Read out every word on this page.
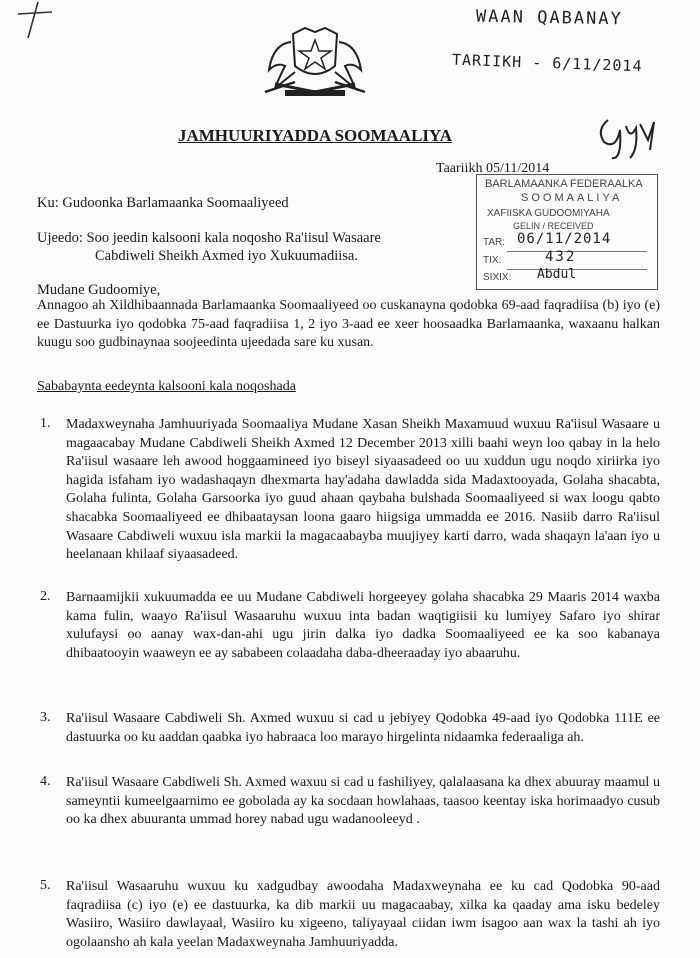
WAAN QABANAY
TARIIKH - 6/11/2014
JAMHUURIYADDA SOOMAALIYA
Taariikh 05/11/2014
BARLAMAANKA FEDERAALKA
SOOMAALIYA
XAFIISKA GUDOOMIYAHA
GELIN / RECEIVED
TAR: 06/11/2014
TIX:	432
SIXIX: Abdul
Ku: Gudoonka Barlamaanka Soomaaliyeed
Ujeedo: Soo jeedin kalsooni kala noqosho Ra'iisul Wasaare
Cabdiweli Sheikh Axmed iyo Xukuumadiisa.
Mudane Gudoomiye,
Annagoo ah Xildhibaannada Barlamaanka Soomaaliyeed oo cuskanayna qodobka 69-aad faqradiisa (b) iyo (e) ee Dastuurka iyo qodobka 75-aad faqradiisa 1, 2 iyo 3-aad ee xeer hoosaadka Barlamaanka, waxaanu halkan kuugu soo gudbinaynaa soojeedinta ujeedada sare ku xusan.
Sababaynta eedeynta kalsooni kala noqoshada
1. Madaxweynaha Jamhuuriyada Soomaaliya Mudane Xasan Sheikh Maxamuud wuxuu Ra'iisul Wasaare u magaacabay Mudane Cabdiweli Sheikh Axmed 12 December 2013 xilli baahi weyn loo qabay in la helo Ra'iisul wasaare leh awood hoggaamineed iyo biseyl siyaasadeed oo uu xuddun ugu noqdo xiriirka iyo hagida isfaham iyo wadashaqayn dhexmarta hay'adaha dawladda sida Madaxtooyada, Golaha shacabta, Golaha fulinta, Golaha Garsoorka iyo guud ahaan qaybaha bulshada Soomaaliyeed si wax loogu qabto shacabka Soomaaliyeed ee dhibaataysan loona gaaro hiigsiga ummadda ee 2016. Nasiib darro Ra'iisul Wasaare Cabdiweli wuxuu isla markii la magacaabayba muujiyey karti darro, wada shaqayn la'aan iyo u heelanaan khilaaf siyaasadeed.
2. Barnaamijkii xukuumadda ee uu Mudane Cabdiweli horgeeyey golaha shacabka 29 Maaris 2014 waxba kama fulin, waayo Ra'iisul Wasaaruhu wuxuu inta badan waqtigiisii ku lumiyey Safaro iyo shirar xulufaysi oo aanay wax-dan-ahi ugu jirin dalka iyo dadka Soomaaliyeed ee ka soo kabanaya dhibaatooyin waaweyn ee ay sababeen colaadaha daba-dheeraaday iyo abaaruhu.
3. Ra'iisul Wasaare Cabdiweli Sh. Axmed wuxuu si cad u jebiyey Qodobka 49-aad iyo Qodobka 111E ee dastuurka oo ku aaddan qaabka iyo habraaca loo marayo hirgelinta nidaamka federaaliga ah.
4. Ra'iisul Wasaare Cabdiweli Sh. Axmed waxuu si cad u fashiliyey, qalalaasana ka dhex abuuray maamul u sameyntii kumeelgaarnimo ee gobolada ay ka socdaan howlahaas, taasoo keentay iska horimaadyo cusub oo ka dhex abuuranta ummad horey nabad ugu wadanooleeyd .
5. Ra'iisul Wasaaruhu wuxuu ku xadgudbay awoodaha Madaxweynaha ee ku cad Qodobka 90-aad faqradiisa (c) iyo (e) ee dastuurka, ka dib markii uu magacaabay, xilka ka qaaday ama isku bedeley Wasiiro, Wasiiro dawlayaal, Wasiiro ku xigeeno, taliyayaal ciidan iwm isagoo aan wax la tashi ah iyo ogolaansho ah kala yeelan Madaxweynaha Jamhuuriyadda.
